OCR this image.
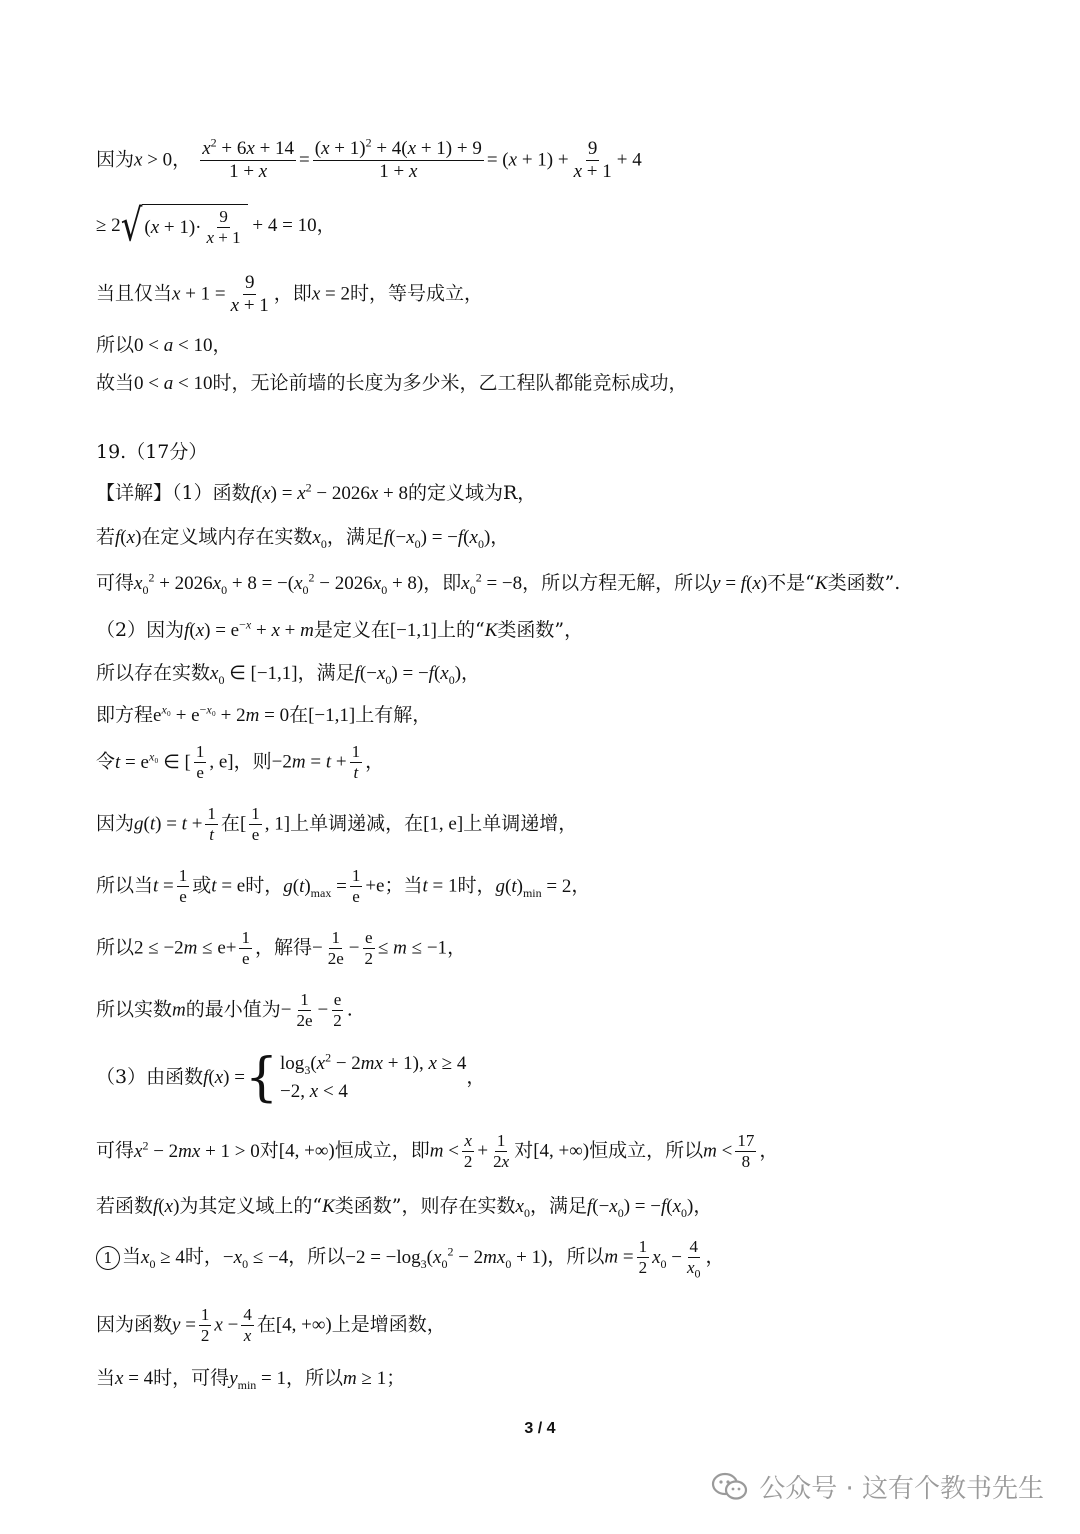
因为x > 0， $\frac{x^2 + 6x + 14}{1 + x} = \frac{(x + 1)^2 + 4(x + 1) + 9}{1 + x} = (x + 1) + \frac{9}{x + 1} + 4$
≥ 2 √ $(x + 1)\cdot \frac{9}{x + 1} + 4 = 10$，
当且仅当$x + 1 = \frac{9}{x + 1}$ ，即x = 2时，等号成立，
所以0 < a < 10，
故当0 < a < 10时，无论前墙的长度为多少米，乙工程队都能竞标成功，
19.（17分）
【详解】（1）函数$f(x) = x^2 - 2026x + 8$的定义域为R，
若f(x)在定义域内存在实数$x_0$，满足$f(-x_0) = -f(x_0)$，
可得$x_0^2 + 2026x_0 + 8 = -(x_0^2 - 2026x_0 + 8)$，即$x_0^2 = -8$，所以方程无解，所以y = f(x)不是“K类函数”.
（2）因为$f(x) = e^{-x} + x + m$是定义在[−1,1]上的“K类函数”，
所以存在实数$x_0$ ∈ [−1,1]，满足$f(-x_0) = -f(x_0)$，
即方程$e^{x_0} + e^{-x_0} + 2m = 0$在[−1,1]上有解，
令$t = e^{x_0}$ ∈ [ $\frac{1}{e}$ , e]，则$-2m = t + \frac{1}{t}$ ，
因为$g(t) = t + \frac{1}{t}$ 在[ $\frac{1}{e}$ , 1]上单调递减，在[1, e]上单调递增，
所以当$t = \frac{1}{e}$ 或t = e时，$g(t)_{max} = \frac{1}{e} +e$；当t = 1时，$g(t)_{min} = 2$，
所以$2 \le -2m \le e+ \frac{1}{e}$ ，解得− $\frac{1}{2e} - \frac{e}{2} \le m \le -1$，
所以实数m的最小值为− $\frac{1}{2e} - \frac{e}{2}$ .
（3）由函数f(x) ={ $\log_3(x^2 - 2mx + 1)$, x ≥ 4
−2, x < 4
，
可得$x^2 - 2mx + 1 > 0$对[4, +∞)恒成立，即$m < \frac{x}{2} + \frac{1}{2x}$ 对[4, +∞)恒成立，所以$m < \frac{17}{8}$ ，
若函数f(x)为其定义域上的“K类函数”，则存在实数$x_0$，满足$f(-x_0) = -f(x_0)$，
1 当$x_0 \ge 4$时，$-x_0 \le -4$，所以$-2 = -\log_3(x_0^2 - 2mx_0 + 1)$，所以$m = \frac{1}{2} x_0 - \frac{4}{x_0}$ ，
因为函数$y = \frac{1}{2}$ $x - \frac{4}{x}$ 在[4, +∞)上是增函数，
当x = 4时，可得$y_{min} = 1$，所以m ≥ 1；
3 / 4
公众号 · 这有个教书先生
